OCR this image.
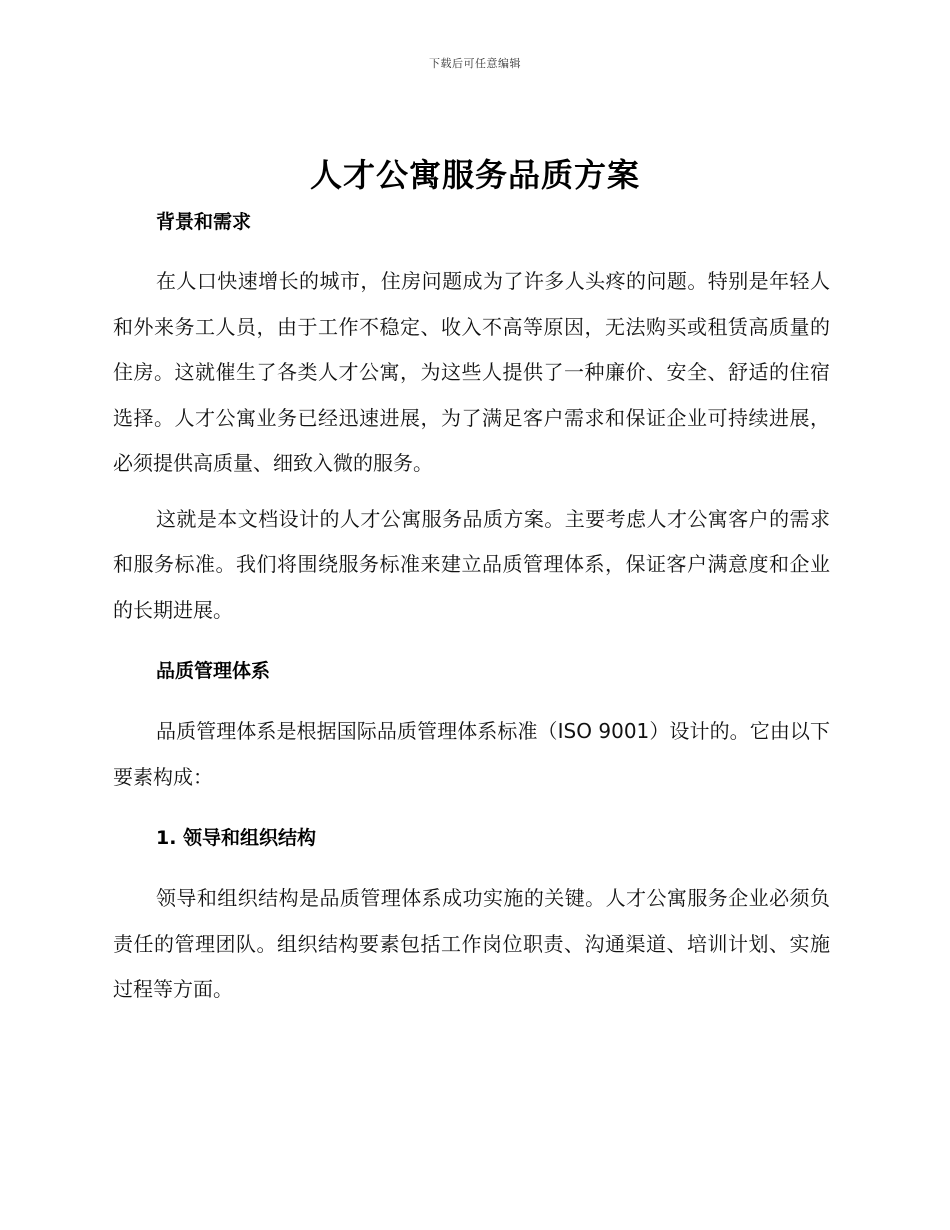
下载后可任意编辑
人才公寓服务品质方案
背景和需求

在人口快速增长的城市，住房问题成为了许多人头疼的问题。特别是年轻人和外来务工人员，由于工作不稳定、收入不高等原因，无法购买或租赁高质量的住房。这就催生了各类人才公寓，为这些人提供了一种廉价、安全、舒适的住宿选择。人才公寓业务已经迅速进展，为了满足客户需求和保证企业可持续进展，必须提供高质量、细致入微的服务。

这就是本文档设计的人才公寓服务品质方案。主要考虑人才公寓客户的需求和服务标准。我们将围绕服务标准来建立品质管理体系，保证客户满意度和企业的长期进展。

品质管理体系

品质管理体系是根据国际品质管理体系标准（ISO 9001）设计的。它由以下要素构成：

1. 领导和组织结构

领导和组织结构是品质管理体系成功实施的关键。人才公寓服务企业必须负责任的管理团队。组织结构要素包括工作岗位职责、沟通渠道、培训计划、实施过程等方面。
